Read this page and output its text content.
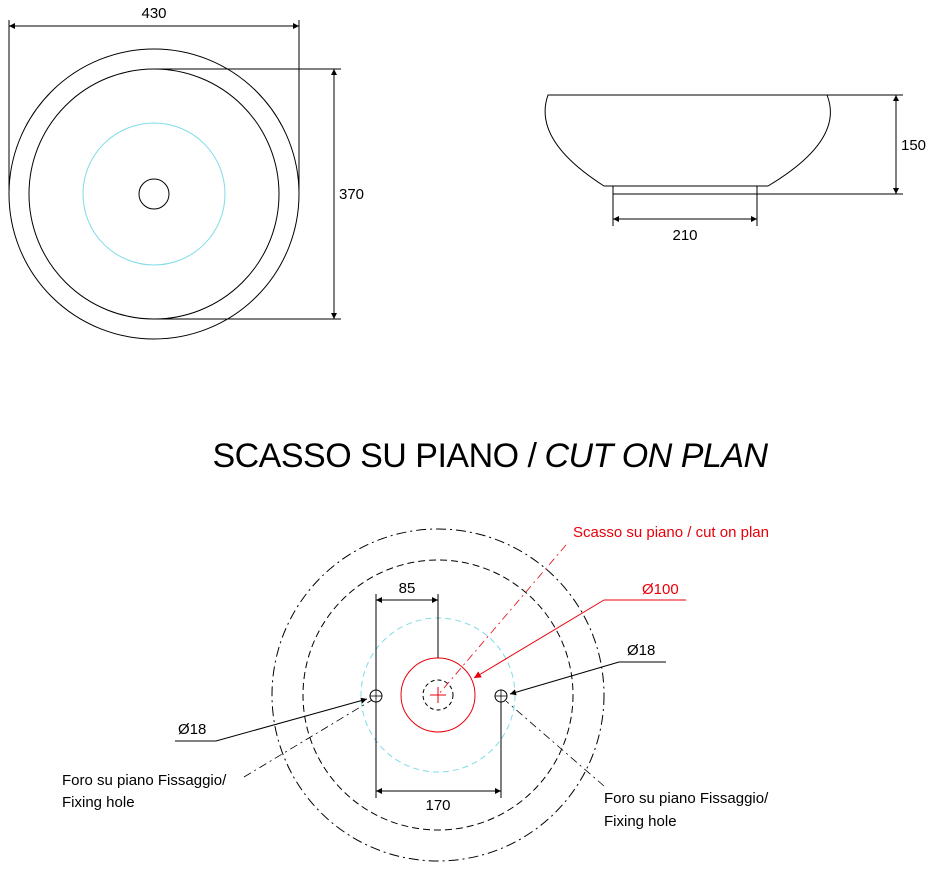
430
370
150
210
SCASSO SU PIANO / CUT ON PLAN
85
170
Scasso su piano / cut on plan
Ø100
Ø18
Ø18
Foro su piano Fissaggio/ Fixing hole	Foro su piano Fissaggio/ Fixing hole
